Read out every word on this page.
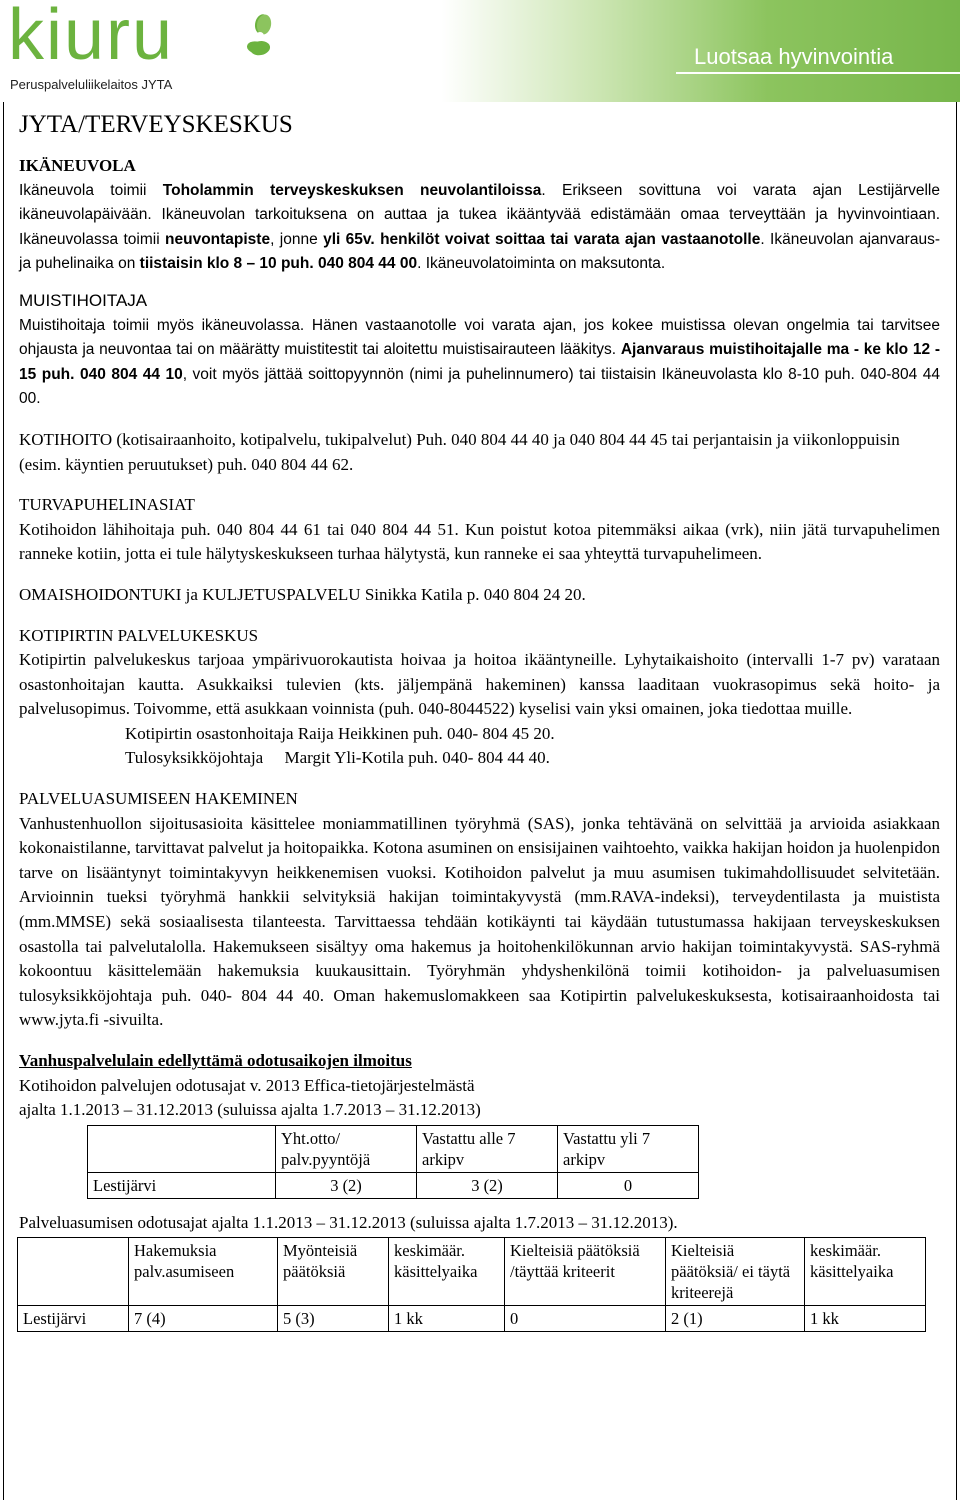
kiuru
Peruspalveluliikelaitos JYTA
Luotsaa hyvinvointia
JYTA/TERVEYSKESKUS
IKÄNEUVOLA

Ikäneuvola toimii Toholammin terveyskeskuksen neuvolantiloissa. Erikseen sovittuna voi varata ajan Lestijärvelle ikäneuvolapäivään. Ikäneuvolan tarkoituksena on auttaa ja tukea ikääntyvää edistämään omaa terveyttään ja hyvinvointiaan. Ikäneuvolassa toimii neuvontapiste, jonne yli 65v. henkilöt voivat soittaa tai varata ajan vastaanotolle. Ikäneuvolan ajanvaraus- ja puhelinaika on tiistaisin klo 8 – 10 puh. 040 804 44 00. Ikäneuvolatoiminta on maksutonta.

MUISTIHOITAJA

Muistihoitaja toimii myös ikäneuvolassa. Hänen vastaanotolle voi varata ajan, jos kokee muistissa olevan ongelmia tai tarvitsee ohjausta ja neuvontaa tai on määrätty muistitestit tai aloitettu muistisairauteen lääkitys. Ajanvaraus muistihoitajalle ma - ke klo 12 - 15 puh. 040 804 44 10, voit myös jättää soittopyynnön (nimi ja puhelinnumero) tai tiistaisin Ikäneuvolasta klo 8-10 puh. 040-804 44 00.

KOTIHOITO (kotisairaanhoito, kotipalvelu, tukipalvelut) Puh. 040 804 44 40 ja 040 804 44 45 tai perjantaisin ja viikonloppuisin (esim. käyntien peruutukset) puh. 040 804 44 62.

TURVAPUHELINASIAT

Kotihoidon lähihoitaja puh. 040 804 44 61 tai 040 804 44 51. Kun poistut kotoa pitemmäksi aikaa (vrk), niin jätä turvapuhelimen ranneke kotiin, jotta ei tule hälytyskeskukseen turhaa hälytystä, kun ranneke ei saa yhteyttä turvapuhelimeen.

OMAISHOIDONTUKI ja KULJETUSPALVELU Sinikka Katila p. 040 804 24 20.

KOTIPIRTIN PALVELUKESKUS

Kotipirtin palvelukeskus tarjoaa ympärivuorokautista hoivaa ja hoitoa ikääntyneille. Lyhytaikaishoito (intervalli 1-7 pv) varataan osastonhoitajan kautta. Asukkaiksi tulevien (kts. jäljempänä hakeminen) kanssa laaditaan vuokrasopimus sekä hoito- ja palvelusopimus. Toivomme, että asukkaan voinnista (puh. 040-8044522) kyselisi vain yksi omainen, joka tiedottaa muille.

Kotipirtin osastonhoitaja Raija Heikkinen puh. 040- 804 45 20.

Tulosyksikköjohtaja Margit Yli-Kotila puh. 040- 804 44 40.

PALVELUASUMISEEN HAKEMINEN

Vanhustenhuollon sijoitusasioita käsittelee moniammatillinen työryhmä (SAS), jonka tehtävänä on selvittää ja arvioida asiakkaan kokonaistilanne, tarvittavat palvelut ja hoitopaikka. Kotona asuminen on ensisijainen vaihtoehto, vaikka hakijan hoidon ja huolenpidon tarve on lisääntynyt toimintakyvyn heikkenemisen vuoksi. Kotihoidon palvelut ja muu asumisen tukimahdollisuudet selvitetään. Arvioinnin tueksi työryhmä hankkii selvityksiä hakijan toimintakyvystä (mm.RAVA-indeksi), terveydentilasta ja muistista (mm.MMSE) sekä sosiaalisesta tilanteesta. Tarvittaessa tehdään kotikäynti tai käydään tutustumassa hakijaan terveyskeskuksen osastolla tai palvelutalolla. Hakemukseen sisältyy oma hakemus ja hoitohenkilökunnan arvio hakijan toimintakyvystä. SAS-ryhmä kokoontuu käsittelemään hakemuksia kuukausittain. Työryhmän yhdyshenkilönä toimii kotihoidon- ja palveluasumisen tulosyksikköjohtaja puh. 040- 804 44 40. Oman hakemuslomakkeen saa Kotipirtin palvelukeskuksesta, kotisairaanhoidosta tai www.jyta.fi -sivuilta.

Vanhuspalvelulain edellyttämä odotusaikojen ilmoitus

Kotihoidon palvelujen odotusajat v. 2013 Effica-tietojärjestelmästä

ajalta 1.1.2013 – 31.12.2013 (suluissa ajalta 1.7.2013 – 31.12.2013)

	Yht.otto/ palv.pyyntöjä	Vastattu alle 7 arkipv	Vastattu yli 7 arkipv
Lestijärvi	3 (2)	3 (2)	0

Palveluasumisen odotusajat ajalta 1.1.2013 – 31.12.2013 (suluissa ajalta 1.7.2013 – 31.12.2013).

	Hakemuksia palv.asumiseen	Myönteisiä päätöksiä	keskimäär. käsittelyaika	Kielteisiä päätöksiä /täyttää kriteerit	Kielteisiä päätöksiä/ ei täytä kriteerejä	keskimäär. käsittelyaika
Lestijärvi	7 (4)	5 (3)	1 kk	0	2 (1)	1 kk
